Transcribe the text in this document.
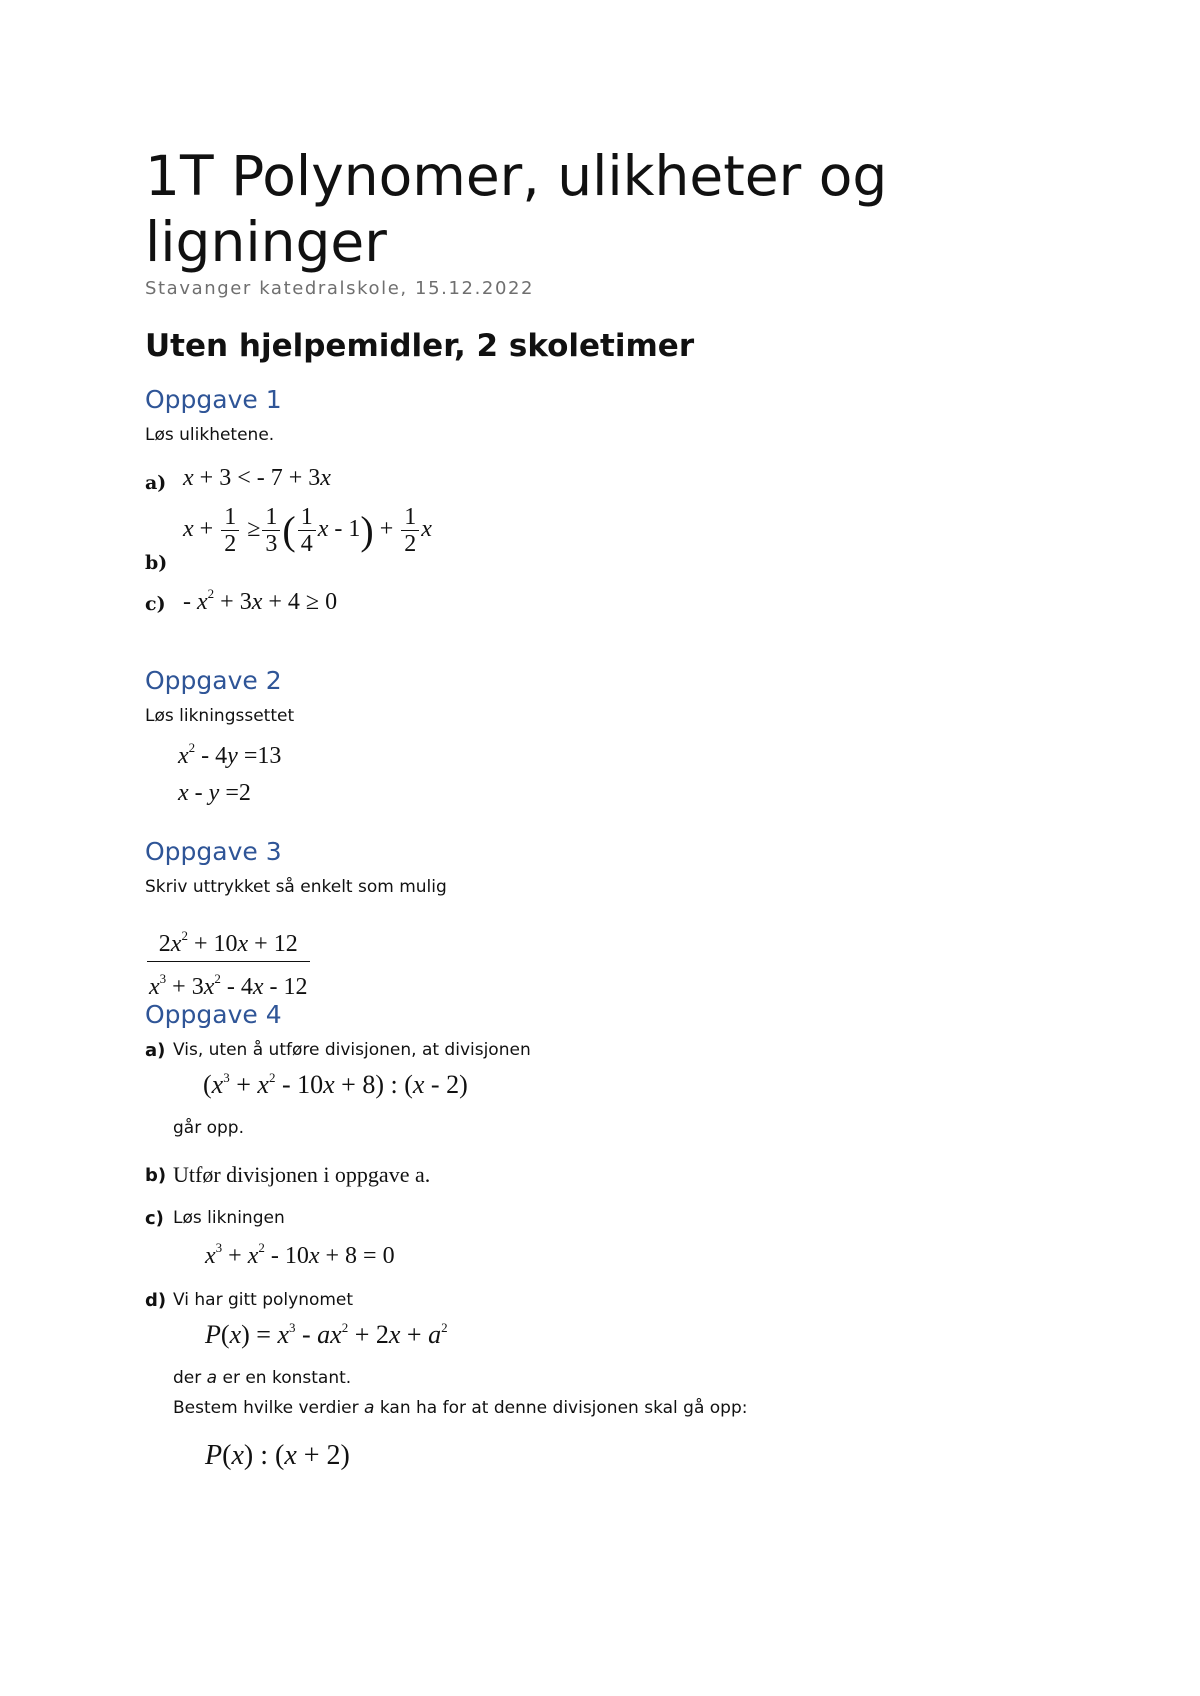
1T Polynomer, ulikheter og ligninger
Stavanger katedralskole, 15.12.2022
Uten hjelpemidler, 2 skoletimer
Oppgave 1
Løs ulikhetene.
a) x + 3 < - 7 + 3x
b)
$x + \frac{1}{2} \ge \frac{1}{3}$ ( $\frac{1}{4}$ $x - 1) + \frac{1}{2}$ x
$c) - x^2 + 3x + 4 \ge 0$
Oppgave 2
Løs likningssettet
$x^2 - 4y =13$
x - y =2
Oppgave 3
Skriv uttrykket så enkelt som mulig
$\frac{2x^2 + 10x + 12}{x^3 + 3x^2 - 4x - 12}$
Oppgave 4
a) Vis, uten å utføre divisjonen, at divisjonen
$(x^3 + x^2 - 10x + 8)$ : (x - 2)
går opp.
b) Utfør divisjonen i oppgave a.
c) Løs likningen
$x^3 + x^2 - 10x + 8 = 0$
d) Vi har gitt polynomet
$P(x) = x^3 - ax^2 + 2x + a^2$
der a er en konstant.
Bestem hvilke verdier a kan ha for at denne divisjonen skal gå opp:
P(x) : (x + 2)
